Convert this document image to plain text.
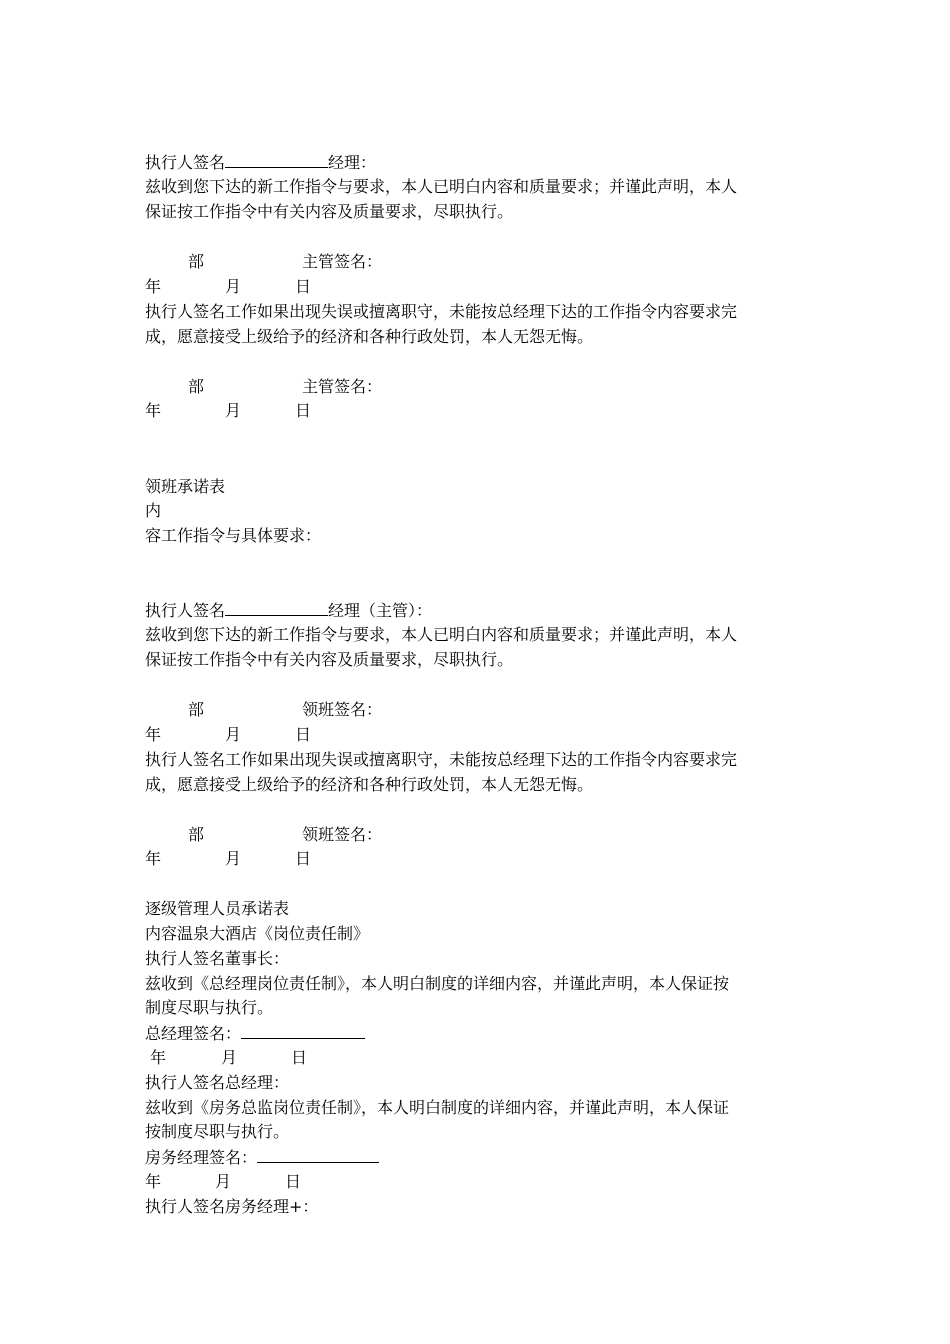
执行人签名	经理：
兹收到您下达的新工作指令与要求，本人已明白内容和质量要求；并谨此声明，本人
保证按工作指令中有关内容及质量要求，尽职执行。
部	主管签名：
年	月	日
执行人签名工作如果出现失误或擅离职守，未能按总经理下达的工作指令内容要求完
成，愿意接受上级给予的经济和各种行政处罚，本人无怨无悔。
部	主管签名：
年	月	日
领班承诺表
内
容工作指令与具体要求：
执行人签名	经理（主管）：
兹收到您下达的新工作指令与要求，本人已明白内容和质量要求；并谨此声明，本人
保证按工作指令中有关内容及质量要求，尽职执行。
部	领班签名：
年	月	日
执行人签名工作如果出现失误或擅离职守，未能按总经理下达的工作指令内容要求完
成，愿意接受上级给予的经济和各种行政处罚，本人无怨无悔。
部	领班签名：
年	月	日
逐级管理人员承诺表
内容温泉大酒店《岗位责任制》
执行人签名董事长：
兹收到《总经理岗位责任制》，本人明白制度的详细内容，并谨此声明，本人保证按
制度尽职与执行。
总经理签名：
年	月	日
执行人签名总经理：
兹收到《房务总监岗位责任制》，本人明白制度的详细内容，并谨此声明，本人保证
按制度尽职与执行。
房务经理签名：
年	月	日
执行人签名房务经理+：
